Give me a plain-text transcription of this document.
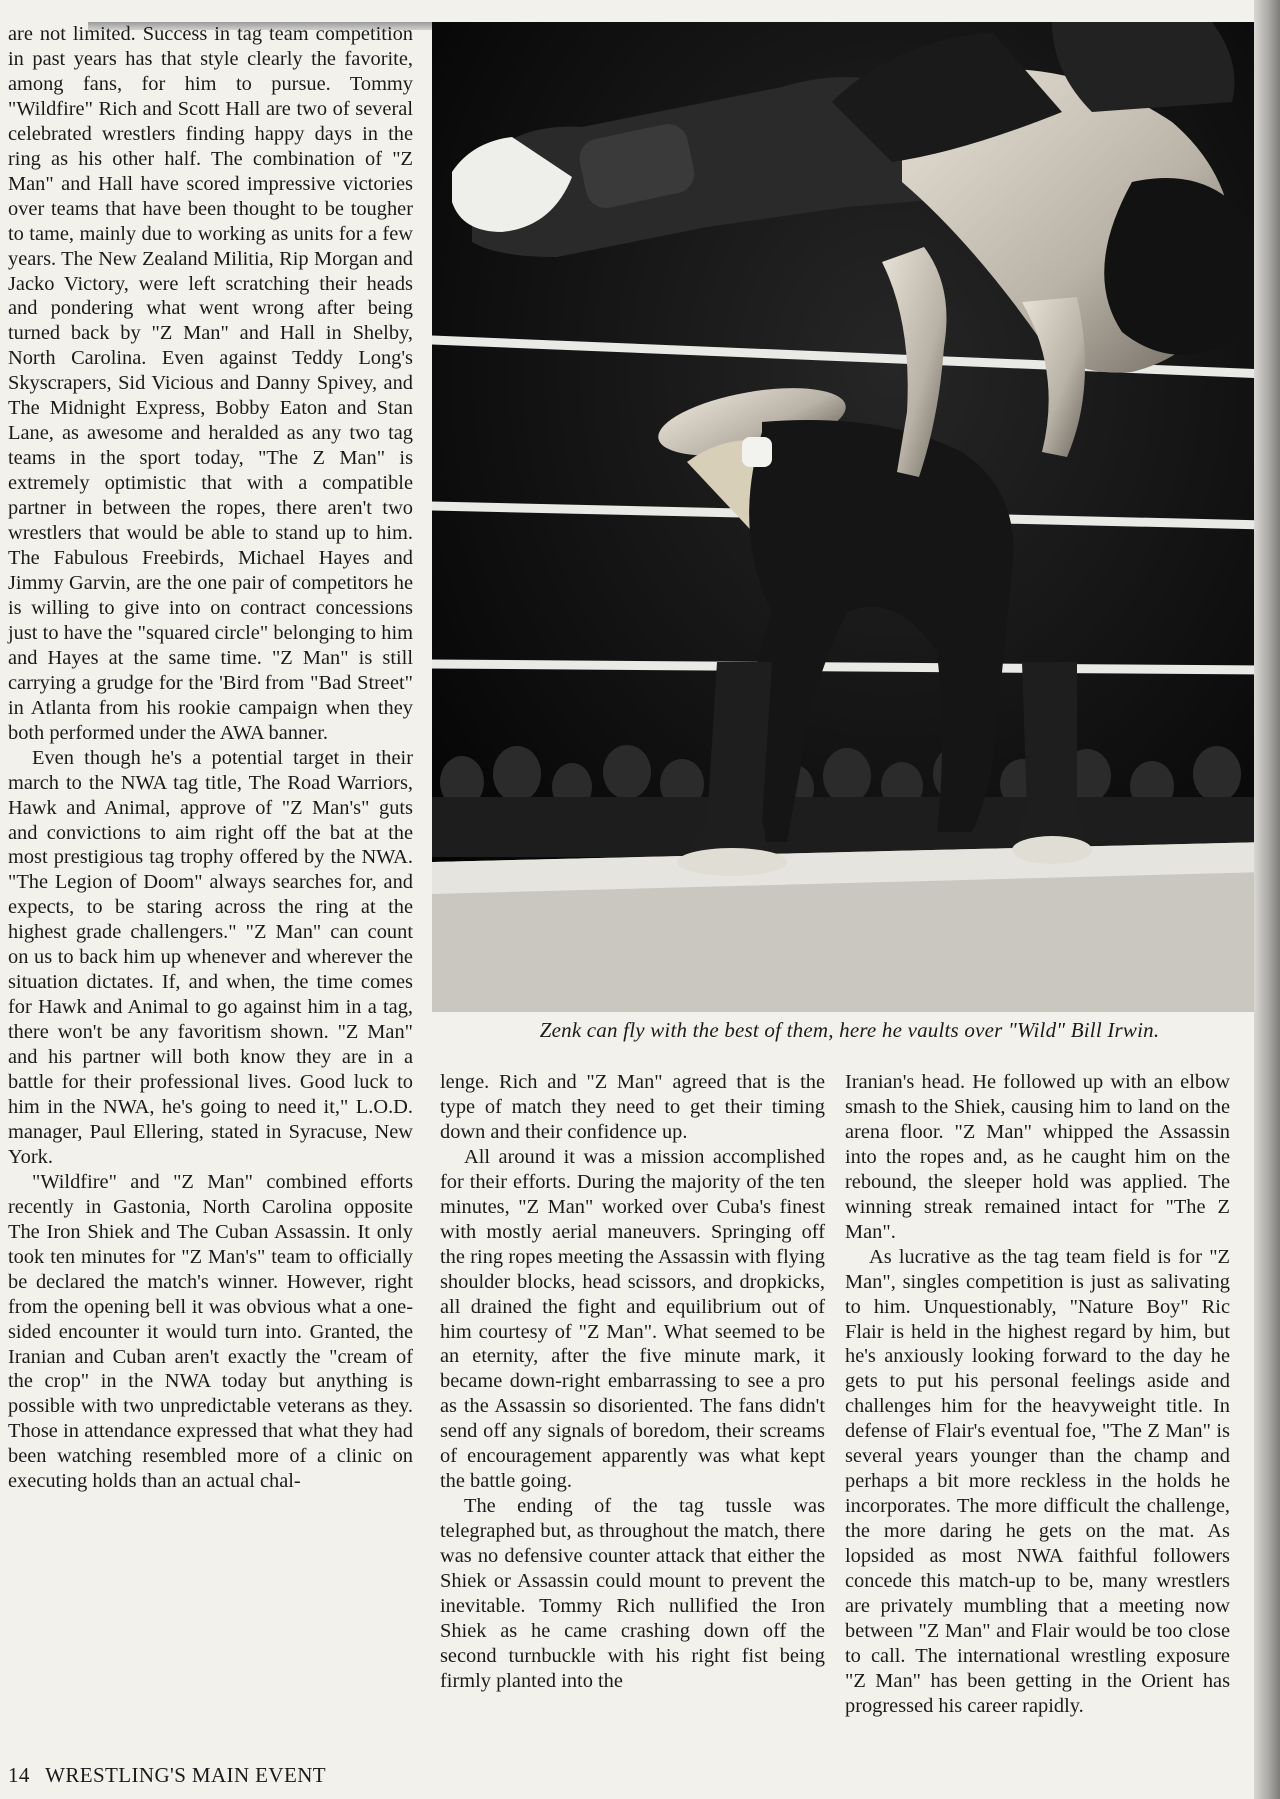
are not limited. Success in tag team competition in past years has that style clearly the favorite, among fans, for him to pursue. Tommy "Wildfire" Rich and Scott Hall are two of several celebrated wrestlers finding happy days in the ring as his other half. The combination of "Z Man" and Hall have scored impressive victories over teams that have been thought to be tougher to tame, mainly due to working as units for a few years. The New Zealand Militia, Rip Morgan and Jacko Victory, were left scratching their heads and pondering what went wrong after being turned back by "Z Man" and Hall in Shelby, North Carolina. Even against Teddy Long's Skyscrapers, Sid Vicious and Danny Spivey, and The Midnight Express, Bobby Eaton and Stan Lane, as awesome and heralded as any two tag teams in the sport today, "The Z Man" is extremely optimistic that with a compatible partner in between the ropes, there aren't two wrestlers that would be able to stand up to him. The Fabulous Freebirds, Michael Hayes and Jimmy Garvin, are the one pair of competitors he is willing to give into on contract concessions just to have the "squared circle" belonging to him and Hayes at the same time. "Z Man" is still carrying a grudge for the 'Bird from "Bad Street" in Atlanta from his rookie campaign when they both performed under the AWA banner.

Even though he's a potential target in their march to the NWA tag title, The Road Warriors, Hawk and Animal, approve of "Z Man's" guts and convictions to aim right off the bat at the most prestigious tag trophy offered by the NWA. "The Legion of Doom" always searches for, and expects, to be staring across the ring at the highest grade challengers." "Z Man" can count on us to back him up whenever and wherever the situation dictates. If, and when, the time comes for Hawk and Animal to go against him in a tag, there won't be any favoritism shown. "Z Man" and his partner will both know they are in a battle for their professional lives. Good luck to him in the NWA, he's going to need it," L.O.D. manager, Paul Ellering, stated in Syracuse, New York.

"Wildfire" and "Z Man" combined efforts recently in Gastonia, North Carolina opposite The Iron Shiek and The Cuban Assassin. It only took ten minutes for "Z Man's" team to officially be declared the match's winner. However, right from the opening bell it was obvious what a one-sided encounter it would turn into. Granted, the Iranian and Cuban aren't exactly the "cream of the crop" in the NWA today but anything is possible with two unpredictable veterans as they. Those in attendance expressed that what they had been watching resembled more of a clinic on executing holds than an actual chal-

Zenk can fly with the best of them, here he vaults over "Wild" Bill Irwin.

lenge. Rich and "Z Man" agreed that is the type of match they need to get their timing down and their confidence up.

All around it was a mission accomplished for their efforts. During the majority of the ten minutes, "Z Man" worked over Cuba's finest with mostly aerial maneuvers. Springing off the ring ropes meeting the Assassin with flying shoulder blocks, head scissors, and dropkicks, all drained the fight and equilibrium out of him courtesy of "Z Man". What seemed to be an eternity, after the five minute mark, it became down-right embarrassing to see a pro as the Assassin so disoriented. The fans didn't send off any signals of boredom, their screams of encouragement apparently was what kept the battle going.

The ending of the tag tussle was telegraphed but, as throughout the match, there was no defensive counter attack that either the Shiek or Assassin could mount to prevent the inevitable. Tommy Rich nullified the Iron Shiek as he came crashing down off the second turnbuckle with his right fist being firmly planted into the

Iranian's head. He followed up with an elbow smash to the Shiek, causing him to land on the arena floor. "Z Man" whipped the Assassin into the ropes and, as he caught him on the rebound, the sleeper hold was applied. The winning streak remained intact for "The Z Man".

As lucrative as the tag team field is for "Z Man", singles competition is just as salivating to him. Unquestionably, "Nature Boy" Ric Flair is held in the highest regard by him, but he's anxiously looking forward to the day he gets to put his personal feelings aside and challenges him for the heavyweight title. In defense of Flair's eventual foe, "The Z Man" is several years younger than the champ and perhaps a bit more reckless in the holds he incorporates. The more difficult the challenge, the more daring he gets on the mat. As lopsided as most NWA faithful followers concede this match-up to be, many wrestlers are privately mumbling that a meeting now between "Z Man" and Flair would be too close to call. The international wrestling exposure "Z Man" has been getting in the Orient has progressed his career rapidly.

14 WRESTLING'S MAIN EVENT
